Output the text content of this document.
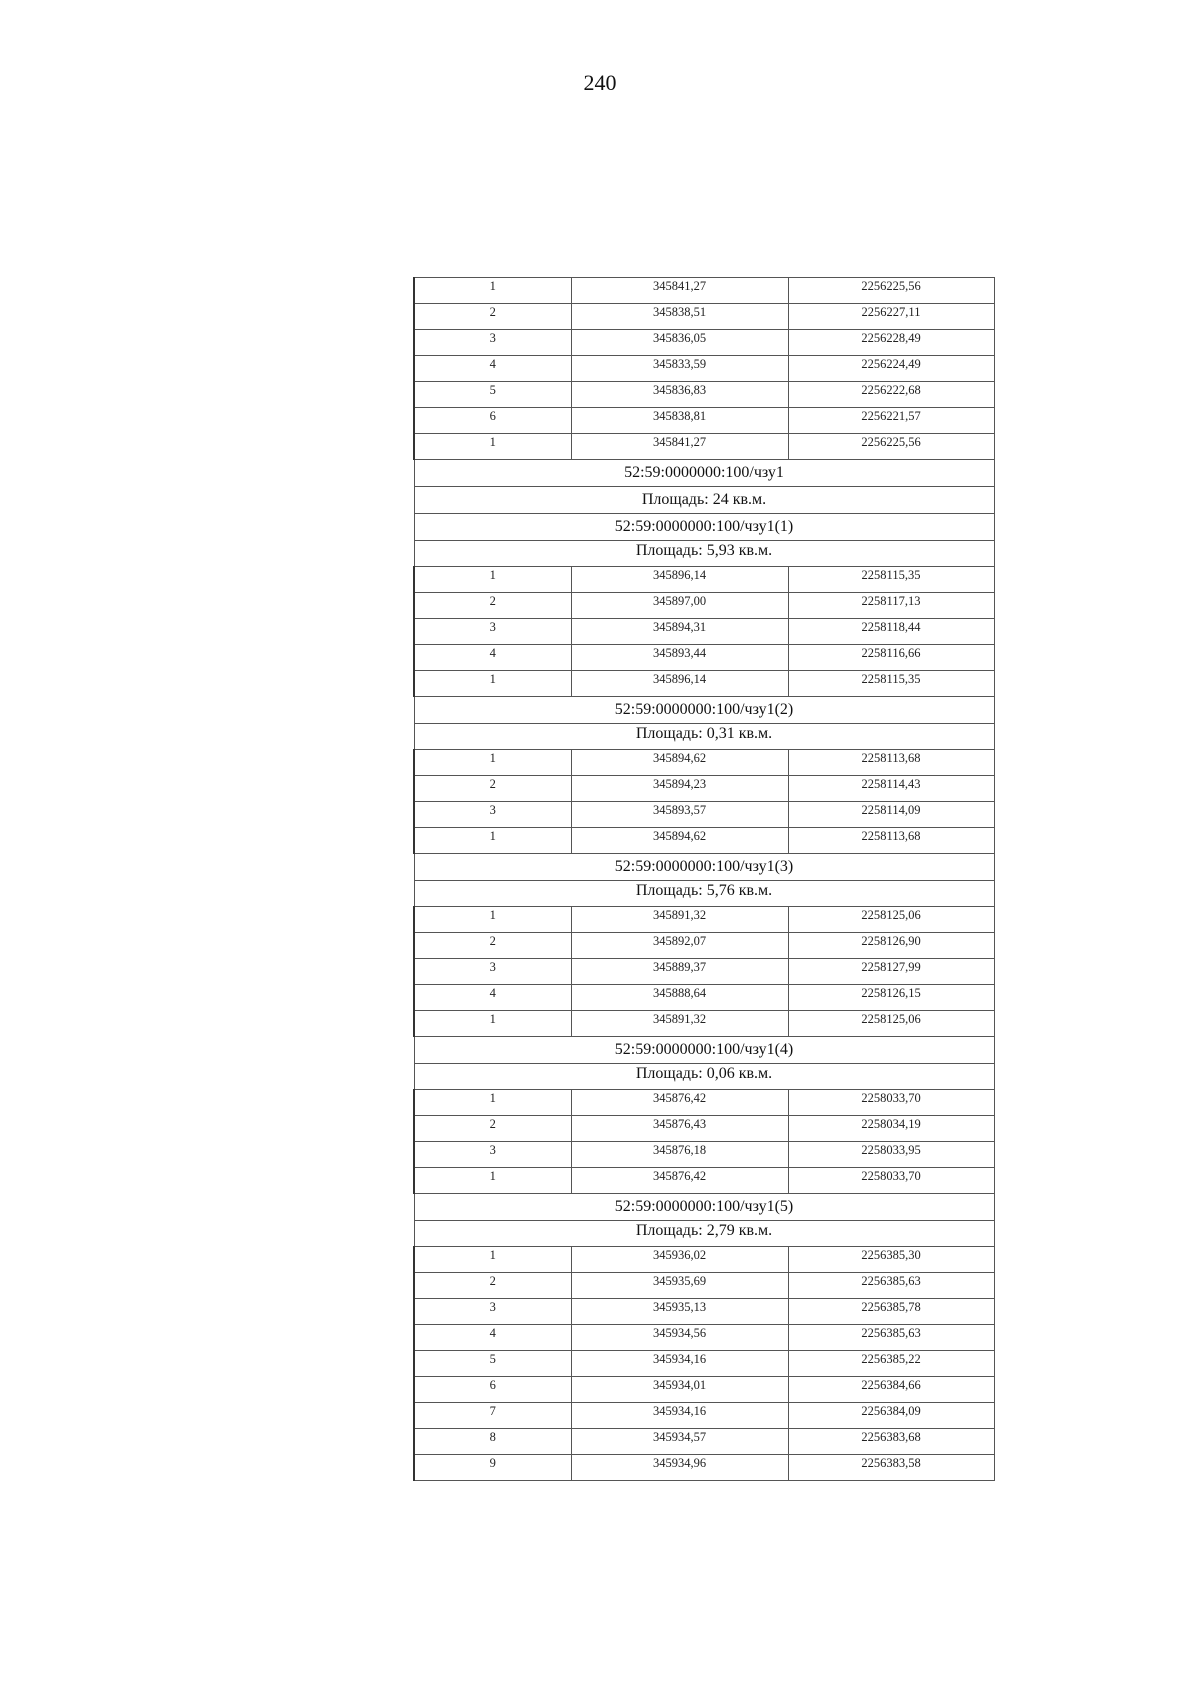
240
1	345841,27	2256225,56
2	345838,51	2256227,11
3	345836,05	2256228,49
4	345833,59	2256224,49
5	345836,83	2256222,68
6	345838,81	2256221,57
1	345841,27	2256225,56
52:59:0000000:100/чзу1		
Площадь: 24 кв.м.		
52:59:0000000:100/чзу1(1)		
Площадь: 5,93 кв.м.		
1	345896,14	2258115,35
2	345897,00	2258117,13
3	345894,31	2258118,44
4	345893,44	2258116,66
1	345896,14	2258115,35
52:59:0000000:100/чзу1(2)		
Площадь: 0,31 кв.м.		
1	345894,62	2258113,68
2	345894,23	2258114,43
3	345893,57	2258114,09
1	345894,62	2258113,68
52:59:0000000:100/чзу1(3)		
Площадь: 5,76 кв.м.		
1	345891,32	2258125,06
2	345892,07	2258126,90
3	345889,37	2258127,99
4	345888,64	2258126,15
1	345891,32	2258125,06
52:59:0000000:100/чзу1(4)		
Площадь: 0,06 кв.м.		
1	345876,42	2258033,70
2	345876,43	2258034,19
3	345876,18	2258033,95
1	345876,42	2258033,70
52:59:0000000:100/чзу1(5)		
Площадь: 2,79 кв.м.		
1	345936,02	2256385,30
2	345935,69	2256385,63
3	345935,13	2256385,78
4	345934,56	2256385,63
5	345934,16	2256385,22
6	345934,01	2256384,66
7	345934,16	2256384,09
8	345934,57	2256383,68
9	345934,96	2256383,58
